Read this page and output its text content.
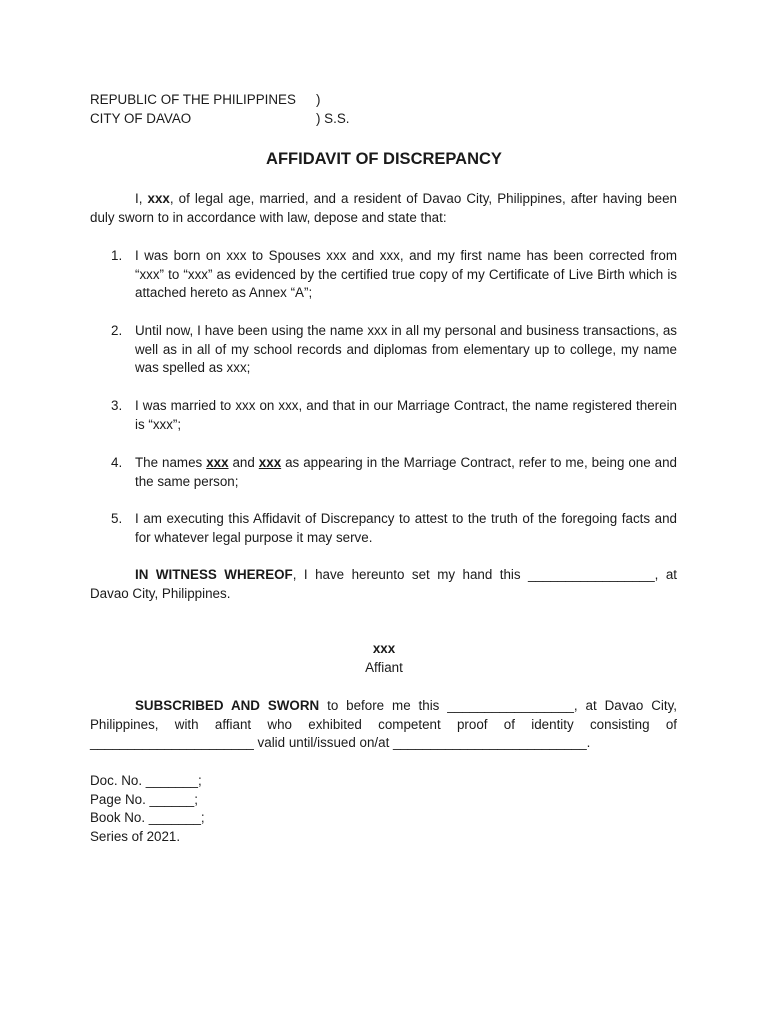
REPUBLIC OF THE PHILIPPINES	)
CITY OF DAVAO	) S.S.
AFFIDAVIT OF DISCREPANCY
I, xxx, of legal age, married, and a resident of Davao City, Philippines, after having been duly sworn to in accordance with law, depose and state that:
1. I was born on xxx to Spouses xxx and xxx, and my first name has been corrected from “xxx” to “xxx” as evidenced by the certified true copy of my Certificate of Live Birth which is attached hereto as Annex “A”;
2. Until now, I have been using the name xxx in all my personal and business transactions, as well as in all of my school records and diplomas from elementary up to college, my name was spelled as xxx;
3. I was married to xxx on xxx, and that in our Marriage Contract, the name registered therein is “xxx”;
4. The names xxx and xxx as appearing in the Marriage Contract, refer to me, being one and the same person;
5. I am executing this Affidavit of Discrepancy to attest to the truth of the foregoing facts and for whatever legal purpose it may serve.
IN WITNESS WHEREOF, I have hereunto set my hand this _________________, at Davao City, Philippines.
xxx
Affiant
SUBSCRIBED AND SWORN to before me this _________________, at Davao City, Philippines, with affiant who exhibited competent proof of identity consisting of ______________________ valid until/issued on/at __________________________.
Doc. No. _______;
Page No. ______;
Book No. _______;
Series of 2021.
